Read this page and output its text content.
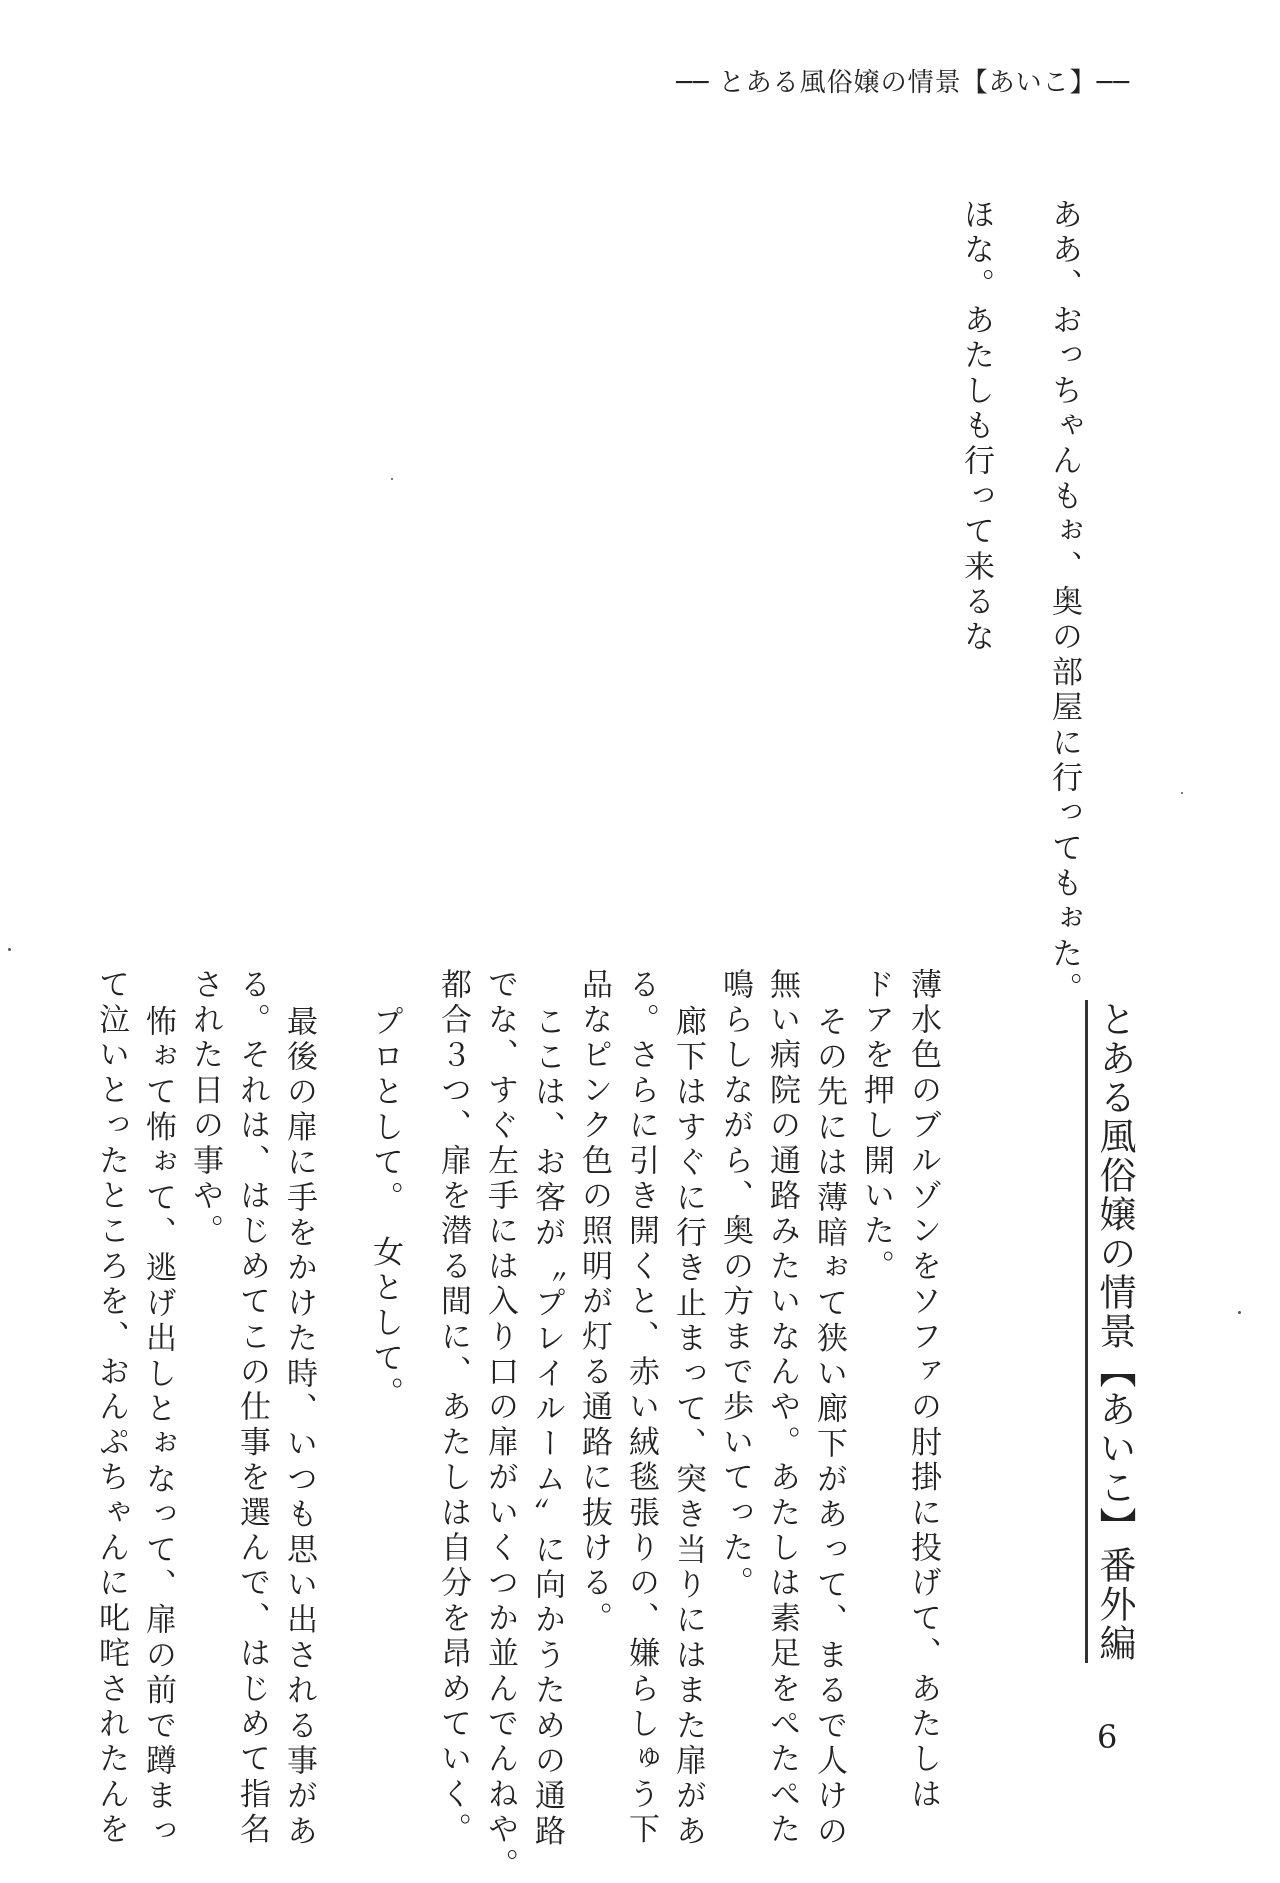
── とある風俗嬢の情景【あいこ】──
ああ、おっちゃんもぉ、奥の部屋に行ってもぉた。
ほな。あたしも行って来るな
とある風俗嬢の情景【あいこ】番外編
薄水色のブルゾンをソファの肘掛に投げて、あたしは
ドアを押し開いた。
その先には薄暗ぉて狭い廊下があって、まるで人けの
無い病院の通路みたいなんや。あたしは素足をぺたぺた
鳴らしながら、奥の方まで歩いてった。
廊下はすぐに行き止まって、突き当りにはまた扉があ
る。さらに引き開くと、赤い絨毯張りの、嫌らしゅう下
品なピンク色の照明が灯る通路に抜ける。
ここは、お客が〝プレイルーム〟に向かうための通路
でな、すぐ左手には入り口の扉がいくつか並んでんねや。
都合３つ、扉を潜る間に、あたしは自分を昂めていく。
プロとして。　女として。
最後の扉に手をかけた時、いつも思い出される事があ
る。それは、はじめてこの仕事を選んで、はじめて指名
された日の事や。
怖ぉて怖ぉて、逃げ出しとぉなって、扉の前で蹲まっ
て泣いとったところを、おんぷちゃんに叱咤されたんを	6
